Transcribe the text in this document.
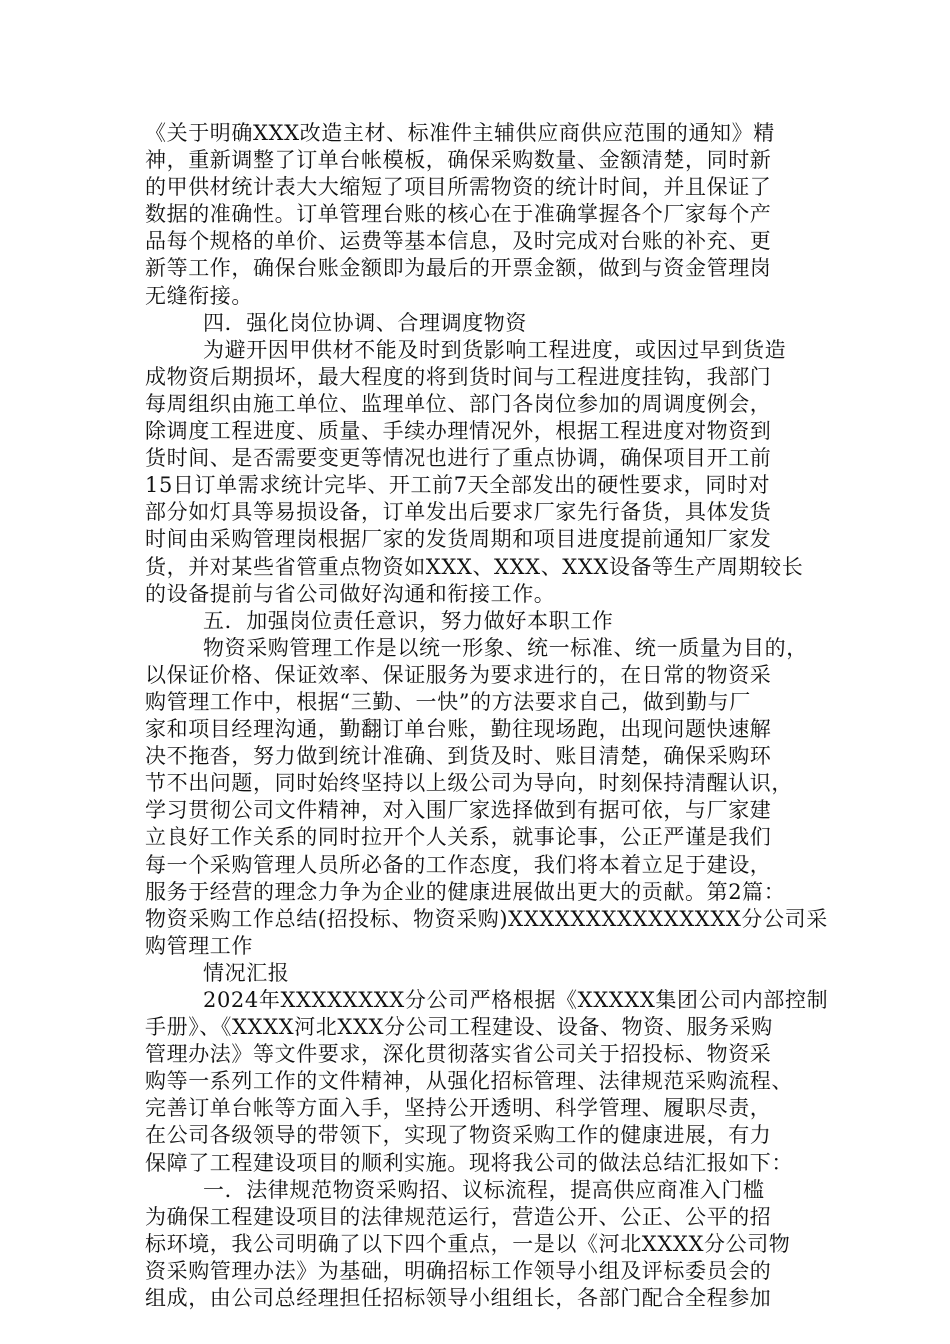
《关于明确XXX改造主材、标准件主辅供应商供应范围的通知》精
神，重新调整了订单台帐模板，确保采购数量、金额清楚，同时新
的甲供材统计表大大缩短了项目所需物资的统计时间，并且保证了
数据的准确性。订单管理台账的核心在于准确掌握各个厂家每个产
品每个规格的单价、运费等基本信息，及时完成对台账的补充、更
新等工作，确保台账金额即为最后的开票金额，做到与资金管理岗
无缝衔接。
四．强化岗位协调、合理调度物资
为避开因甲供材不能及时到货影响工程进度，或因过早到货造
成物资后期损坏，最大程度的将到货时间与工程进度挂钩，我部门
每周组织由施工单位、监理单位、部门各岗位参加的周调度例会，
除调度工程进度、质量、手续办理情况外，根据工程进度对物资到
货时间、是否需要变更等情况也进行了重点协调，确保项目开工前
15日订单需求统计完毕、开工前7天全部发出的硬性要求，同时对
部分如灯具等易损设备，订单发出后要求厂家先行备货，具体发货
时间由采购管理岗根据厂家的发货周期和项目进度提前通知厂家发
货，并对某些省管重点物资如XXX、XXX、XXX设备等生产周期较长
的设备提前与省公司做好沟通和衔接工作。
五．加强岗位责任意识，努力做好本职工作
物资采购管理工作是以统一形象、统一标准、统一质量为目的，
以保证价格、保证效率、保证服务为要求进行的，在日常的物资采
购管理工作中，根据“三勤、一快”的方法要求自己，做到勤与厂
家和项目经理沟通，勤翻订单台账，勤往现场跑，出现问题快速解
决不拖沓，努力做到统计准确、到货及时、账目清楚，确保采购环
节不出问题，同时始终坚持以上级公司为导向，时刻保持清醒认识，
学习贯彻公司文件精神，对入围厂家选择做到有据可依，与厂家建
立良好工作关系的同时拉开个人关系，就事论事，公正严谨是我们
每一个采购管理人员所必备的工作态度，我们将本着立足于建设，
服务于经营的理念力争为企业的健康进展做出更大的贡献。第2篇：
物资采购工作总结(招投标、物资采购)XXXXXXXXXXXXXXX分公司采
购管理工作
情况汇报
2024年XXXXXXXX分公司严格根据《XXXXX集团公司内部控制
手册》、《XXXX河北XXX分公司工程建设、设备、物资、服务采购
管理办法》等文件要求，深化贯彻落实省公司关于招投标、物资采
购等一系列工作的文件精神，从强化招标管理、法律规范采购流程、
完善订单台帐等方面入手，坚持公开透明、科学管理、履职尽责，
在公司各级领导的带领下，实现了物资采购工作的健康进展，有力
保障了工程建设项目的顺利实施。现将我公司的做法总结汇报如下：
一．法律规范物资采购招、议标流程，提高供应商准入门槛
为确保工程建设项目的法律规范运行，营造公开、公正、公平的招
标环境，我公司明确了以下四个重点，一是以《河北XXXX分公司物
资采购管理办法》为基础，明确招标工作领导小组及评标委员会的
组成，由公司总经理担任招标领导小组组长，各部门配合全程参加
